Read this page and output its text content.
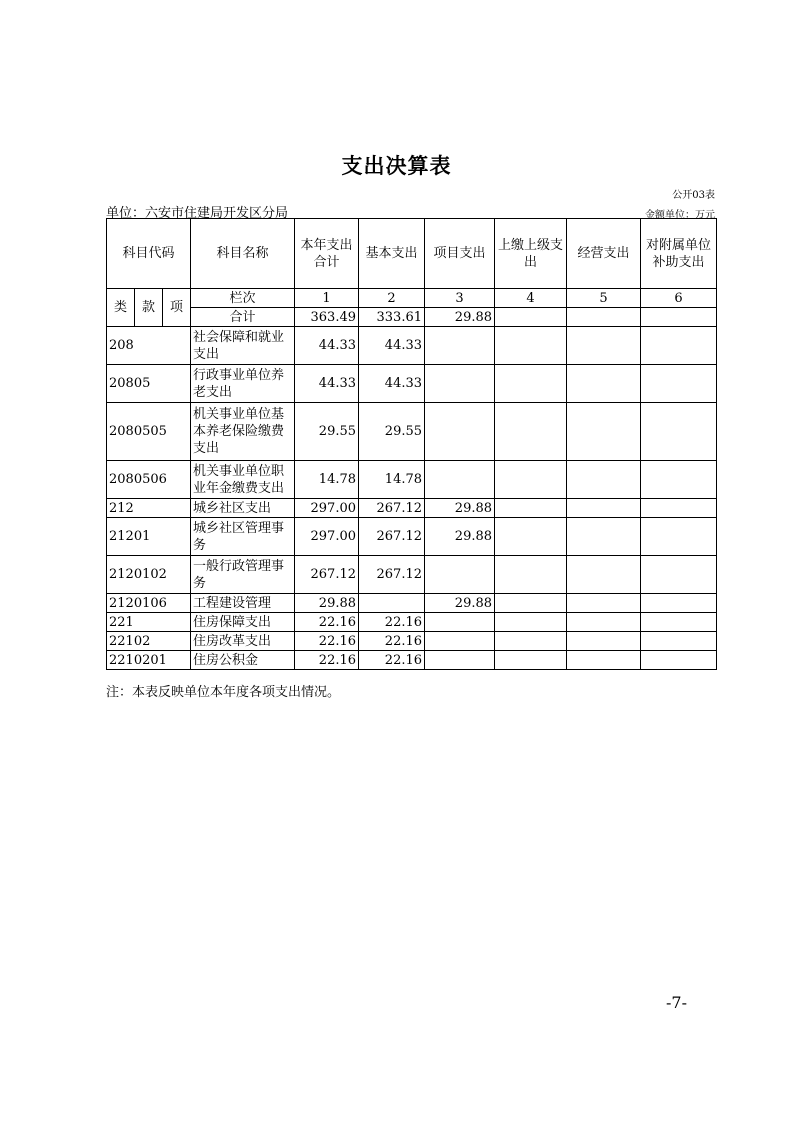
支出决算表
公开03表
单位：六安市住建局开发区分局	金额单位：万元
科目代码			科目名称	本年支出合计	基本支出	项目支出	上缴上级支出	经营支出	对附属单位补助支出
类	款	项	栏次	1	2	3	4	5	6
			合计	363.49	333.61	29.88			
208			社会保障和就业支出	44.33	44.33				
20805			行政事业单位养老支出	44.33	44.33				
2080505			机关事业单位基本养老保险缴费支出	29.55	29.55				
2080506			机关事业单位职业年金缴费支出	14.78	14.78				
212			城乡社区支出	297.00	267.12	29.88			
21201			城乡社区管理事务	297.00	267.12	29.88			
2120102			一般行政管理事务	267.12	267.12				
2120106			工程建设管理	29.88		29.88			
221			住房保障支出	22.16	22.16				
22102			住房改革支出	22.16	22.16				
2210201			住房公积金	22.16	22.16				
注：本表反映单位本年度各项支出情况。
-7-
